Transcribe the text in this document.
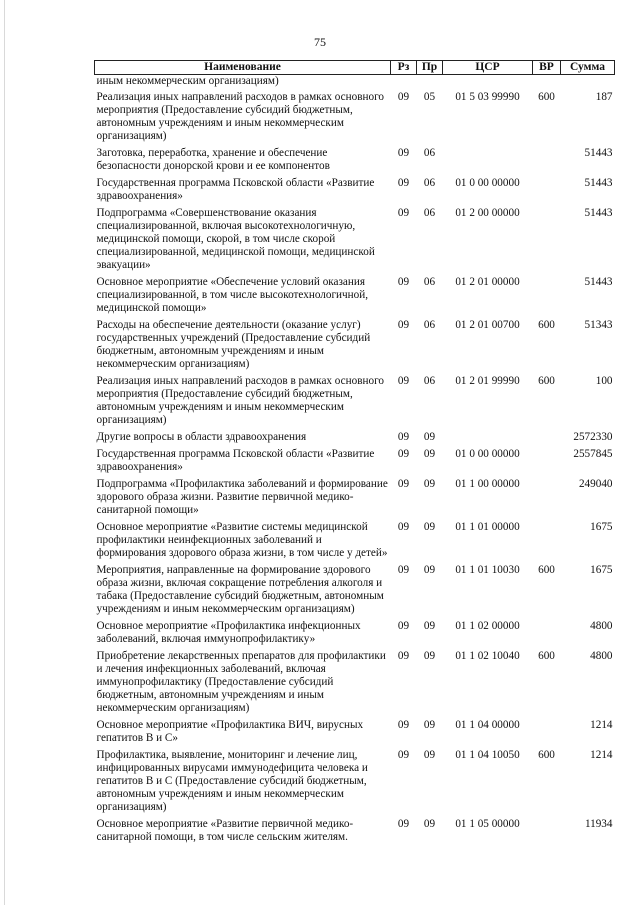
75
Наименование	Рз	Пр	ЦСР	ВР	Сумма
иным некоммерческим организациям)					
Реализация иных направлений расходов в рамках основного мероприятия (Предоставление субсидий бюджетным, автономным учреждениям и иным некоммерческим организациям)	09	05	01 5 03 99990	600	187
Заготовка, переработка, хранение и обеспечение безопасности донорской крови и ее компонентов	09	06			51443
Государственная программа Псковской области «Развитие здравоохранения»	09	06	01 0 00 00000		51443
Подпрограмма «Совершенствование оказания специализированной, включая высокотехнологичную, медицинской помощи, скорой, в том числе скорой специализированной, медицинской помощи, медицинской эвакуации»	09	06	01 2 00 00000		51443
Основное мероприятие «Обеспечение условий оказания специализированной, в том числе высокотехнологичной, медицинской помощи»	09	06	01 2 01 00000		51443
Расходы на обеспечение деятельности (оказание услуг) государственных учреждений (Предоставление субсидий бюджетным, автономным учреждениям и иным некоммерческим организациям)	09	06	01 2 01 00700	600	51343
Реализация иных направлений расходов в рамках основного мероприятия (Предоставление субсидий бюджетным, автономным учреждениям и иным некоммерческим организациям)	09	06	01 2 01 99990	600	100
Другие вопросы в области здравоохранения	09	09			2572330
Государственная программа Псковской области «Развитие здравоохранения»	09	09	01 0 00 00000		2557845
Подпрограмма «Профилактика заболеваний и формирование здорового образа жизни. Развитие первичной медико-санитарной помощи»	09	09	01 1 00 00000		249040
Основное мероприятие «Развитие системы медицинской профилактики неинфекционных заболеваний и формирования здорового образа жизни, в том числе у детей»	09	09	01 1 01 00000		1675
Мероприятия, направленные на формирование здорового образа жизни, включая сокращение потребления алкоголя и табака (Предоставление субсидий бюджетным, автономным учреждениям и иным некоммерческим организациям)	09	09	01 1 01 10030	600	1675
Основное мероприятие «Профилактика инфекционных заболеваний, включая иммунопрофилактику»	09	09	01 1 02 00000		4800
Приобретение лекарственных препаратов для профилактики и лечения инфекционных заболеваний, включая иммунопрофилактику (Предоставление субсидий бюджетным, автономным учреждениям и иным некоммерческим организациям)	09	09	01 1 02 10040	600	4800
Основное мероприятие «Профилактика ВИЧ, вирусных гепатитов В и С»	09	09	01 1 04 00000		1214
Профилактика, выявление, мониторинг и лечение лиц, инфицированных вирусами иммунодефицита человека и гепатитов В и С (Предоставление субсидий бюджетным, автономным учреждениям и иным некоммерческим организациям)	09	09	01 1 04 10050	600	1214
Основное мероприятие «Развитие первичной медико-санитарной помощи, в том числе сельским жителям.	09	09	01 1 05 00000		11934
